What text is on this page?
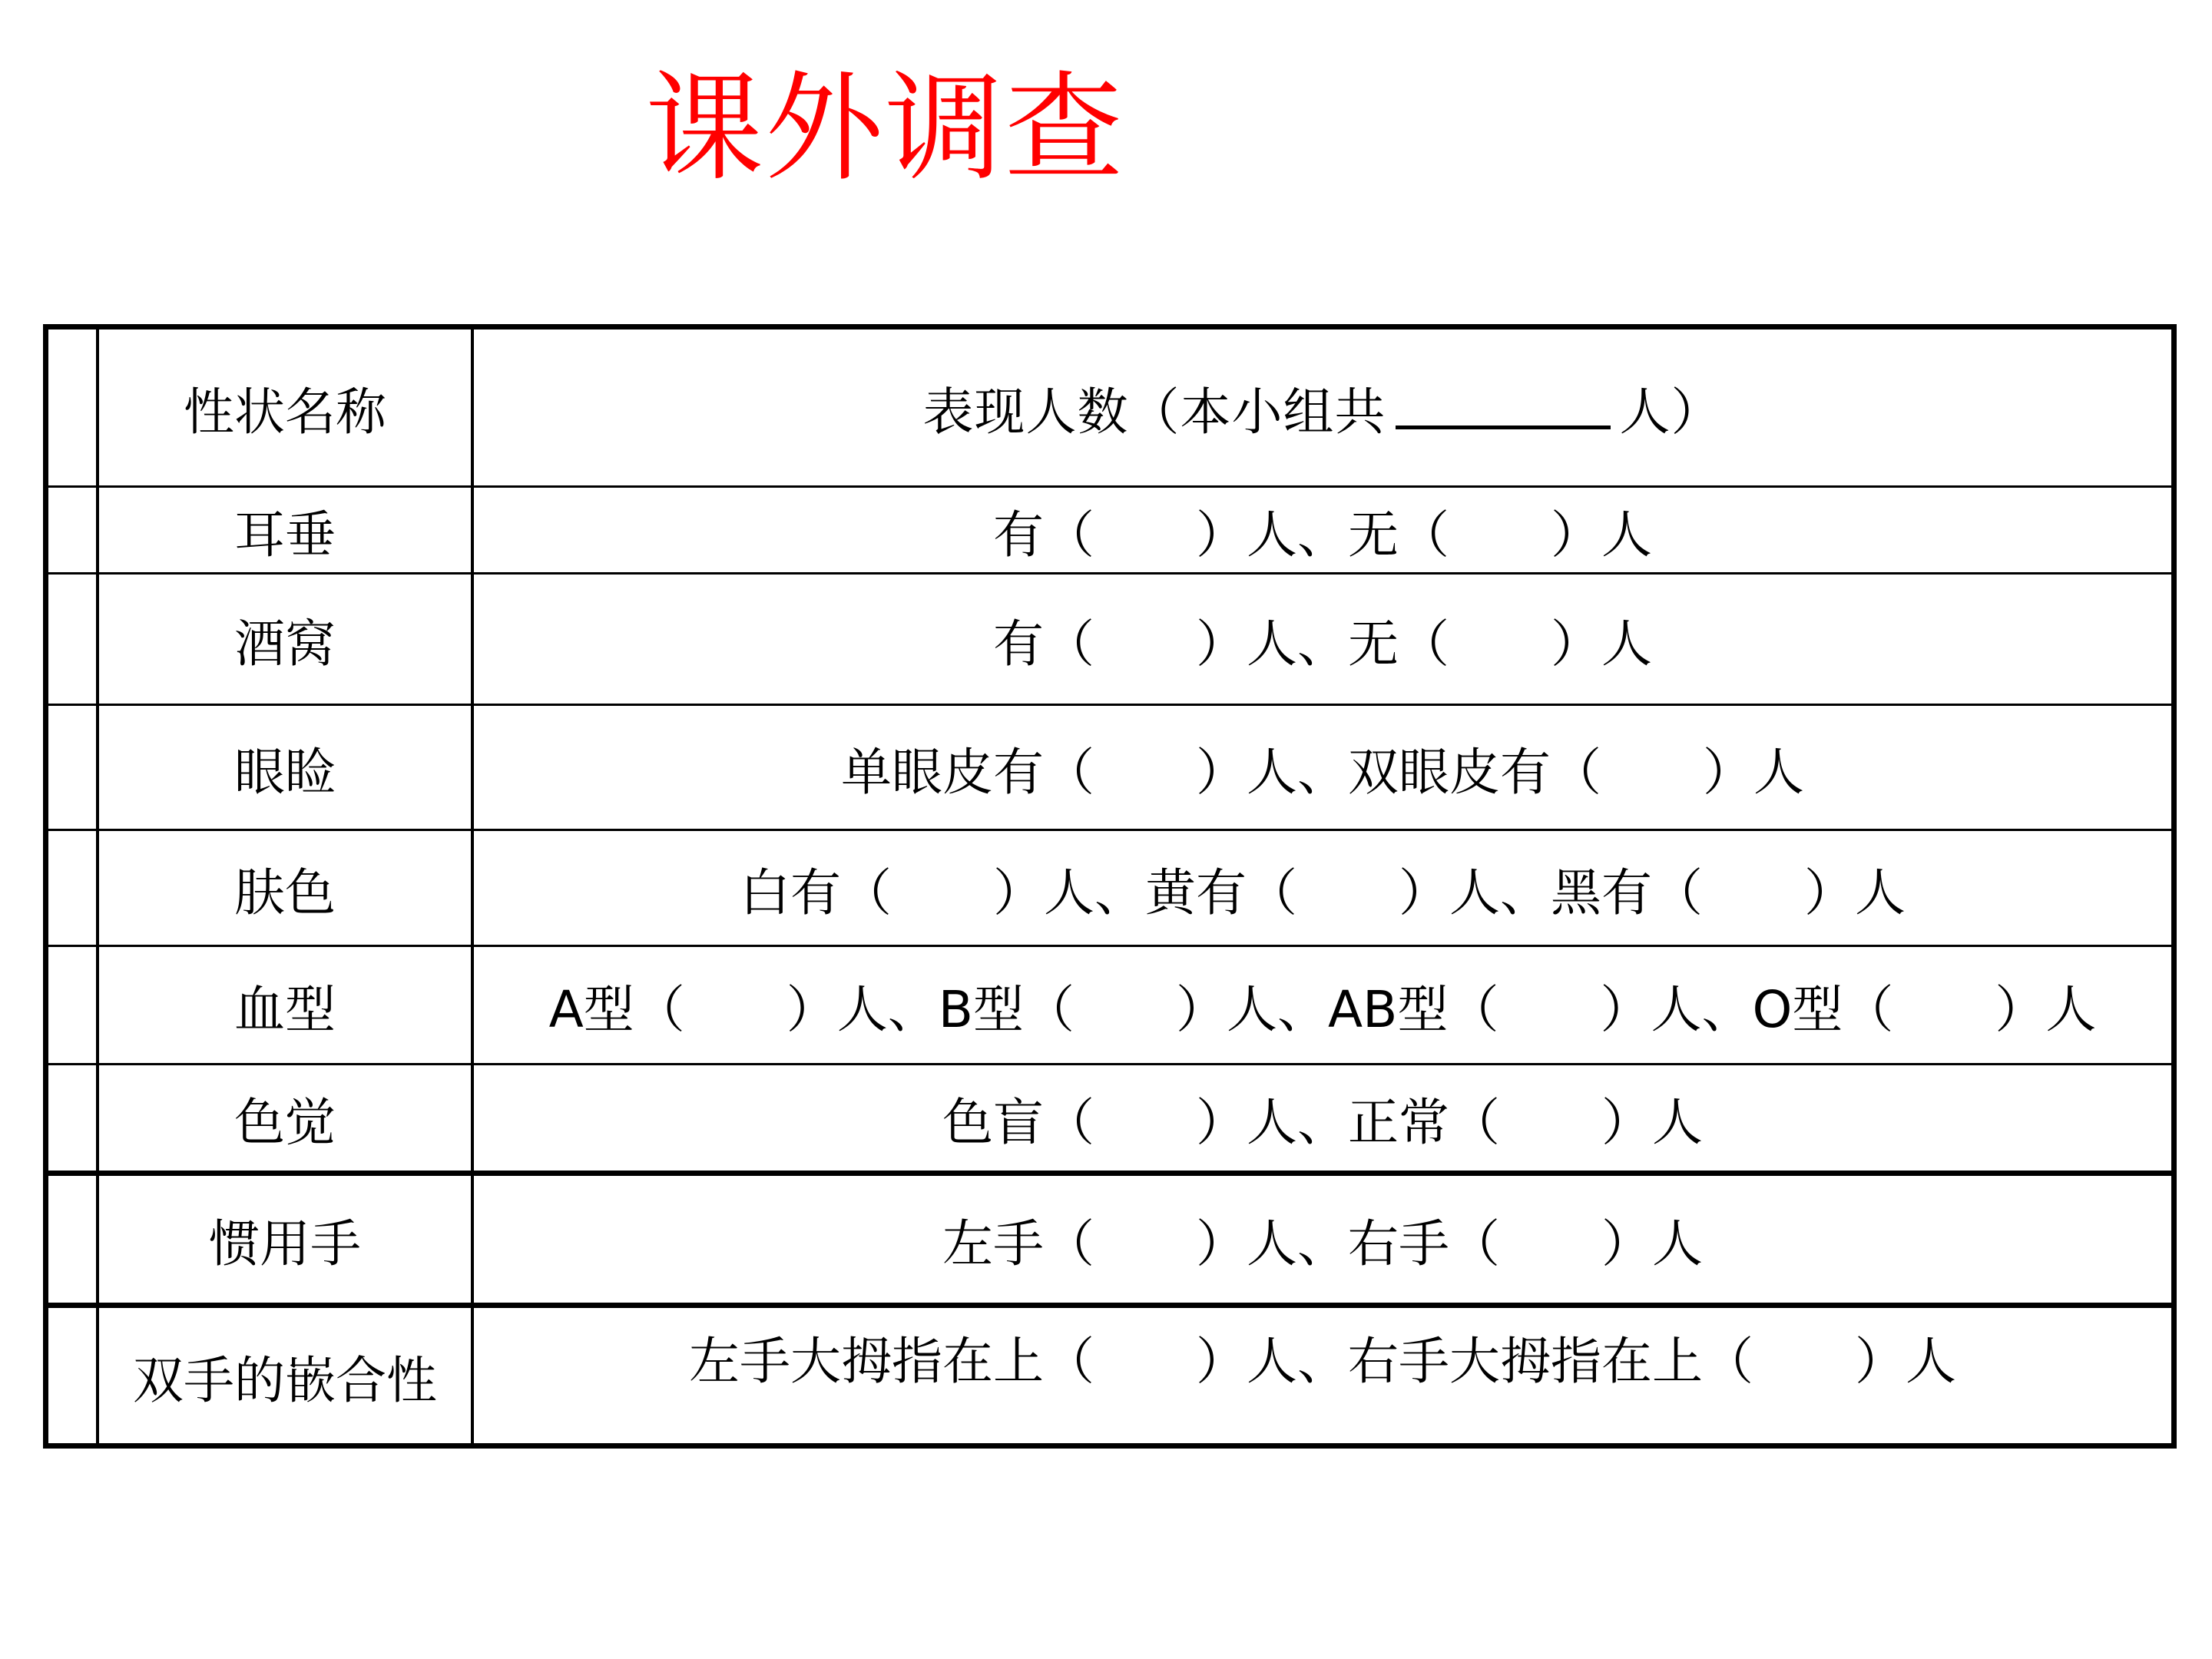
课外调查
性状名称	表现人数（本小组共	人）
耳垂	有（　　）人、无（　　）人
酒窝	有（　　）人、无（　　）人
眼睑	单眼皮有（　　）人、双眼皮有（　　）人
肤色	白有（　　）人、黄有（　　）人、黑有（　　）人
血型	A型（　　）人、B型（　　）人、AB型（　　）人、O型（　　）人
色觉	色盲（　　）人、正常（　　）人
惯用手	左手（　　）人、右手（　　）人
双手的嵌合性	左手大拇指在上（　　）人、右手大拇指在上（　　）人
